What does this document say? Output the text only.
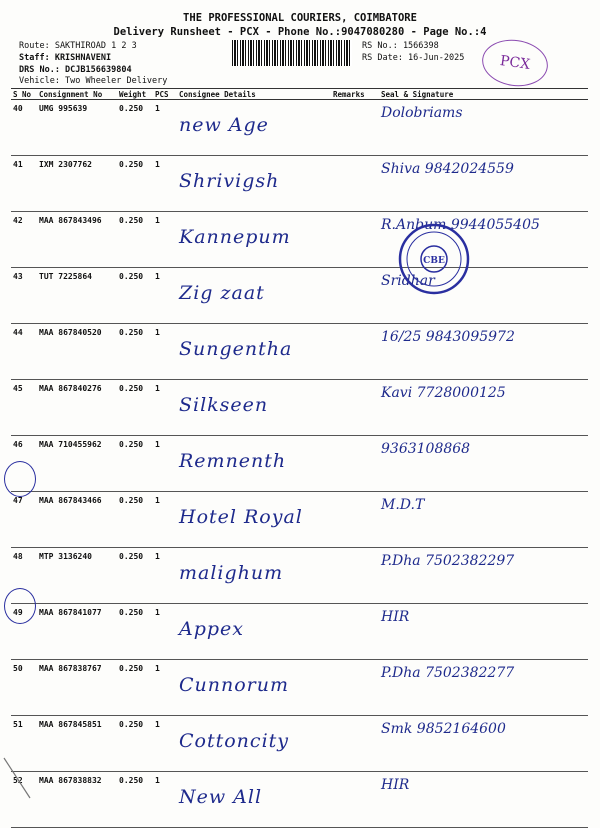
THE PROFESSIONAL COURIERS, COIMBATORE
Delivery Runsheet - PCX - Phone No.:9047080280 - Page No.:4
Route: SAKTHIROAD 1 2 3
Staff: KRISHNAVENI
DRS No.: DCJB156639804
Vehicle: Two Wheeler Delivery
RS No.: 1566398
RS Date: 16-Jun-2025	PCX
S No	Consignment No	Weight	PCS	Consignee Details	Remarks	Seal & Signature
40	UMG 995639	0.250	1	new Age		Dolobriams
41	IXM 2307762	0.250	1	Shrivigsh		Shiva 9842024559
42	MAA 867843496	0.250	1	Kannepum		R.Anbum 9944055405
43	TUT 7225864	0.250	1	Zig zaat		Sridhar
44	MAA 867840520	0.250	1	Sungentha		16/25 9843095972
45	MAA 867840276	0.250	1	Silkseen		Kavi 7728000125
46	MAA 710455962	0.250	1	Remnenth		9363108868
47	MAA 867843466	0.250	1	Hotel Royal		M.D.T
48	MTP 3136240	0.250	1	malighum		P.Dha 7502382297
49	MAA 867841077	0.250	1	Appex		HIR
50	MAA 867838767	0.250	1	Cunnorum		P.Dha 7502382277
51	MAA 867845851	0.250	1	Cottoncity		Smk 9852164600
52	MAA 867838832	0.250	1	New All		HIR
CBE
